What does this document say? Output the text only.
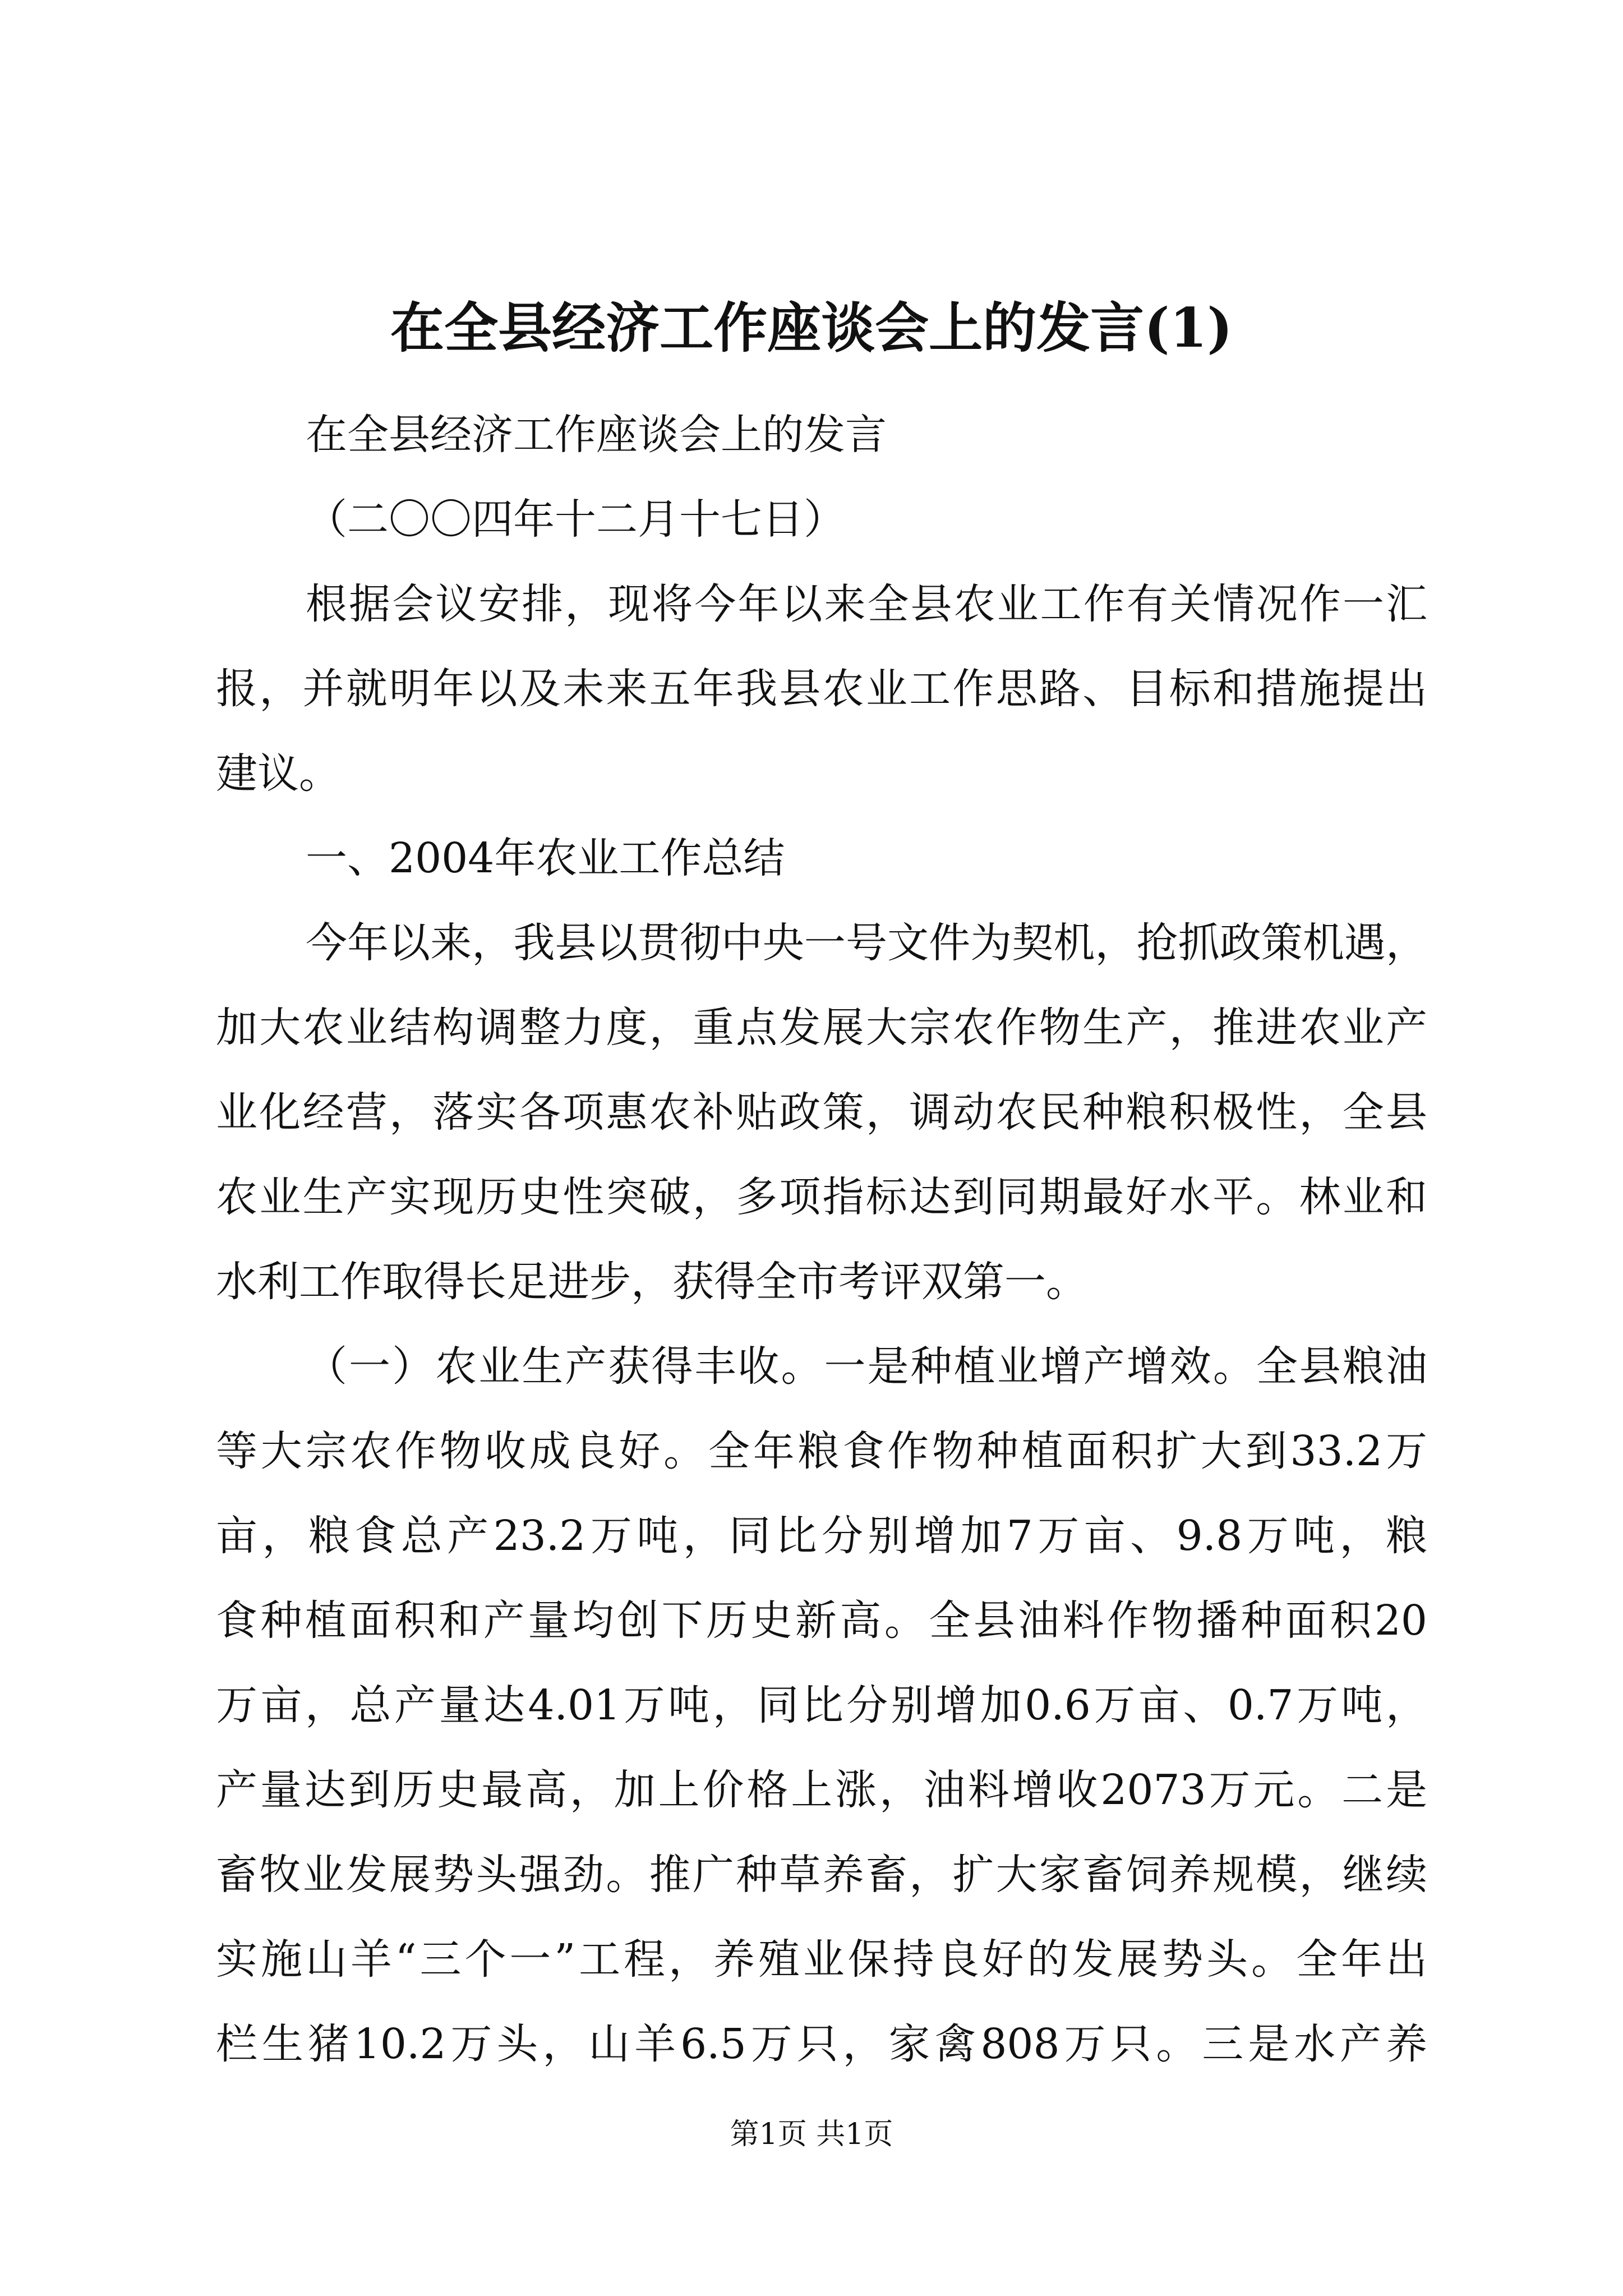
在全县经济工作座谈会上的发言(1)
在全县经济工作座谈会上的发言
（二〇〇四年十二月十七日）
根据会议安排，现将今年以来全县农业工作有关情况作一汇
报，并就明年以及未来五年我县农业工作思路、目标和措施提出
建议。
一、2004年农业工作总结
今年以来，我县以贯彻中央一号文件为契机，抢抓政策机遇，
加大农业结构调整力度，重点发展大宗农作物生产，推进农业产
业化经营，落实各项惠农补贴政策，调动农民种粮积极性，全县
农业生产实现历史性突破，多项指标达到同期最好水平。林业和
水利工作取得长足进步，获得全市考评双第一。
（一）农业生产获得丰收。一是种植业增产增效。全县粮油
等大宗农作物收成良好。全年粮食作物种植面积扩大到33.2万
亩，粮食总产23.2万吨，同比分别增加7万亩、9.8万吨，粮
食种植面积和产量均创下历史新高。全县油料作物播种面积20
万亩，总产量达4.01万吨，同比分别增加0.6万亩、0.7万吨，
产量达到历史最高，加上价格上涨，油料增收2073万元。二是
畜牧业发展势头强劲。推广种草养畜，扩大家畜饲养规模，继续
实施山羊“三个一”工程，养殖业保持良好的发展势头。全年出
栏生猪10.2万头，山羊6.5万只，家禽808万只。三是水产养
第1页 共1页
